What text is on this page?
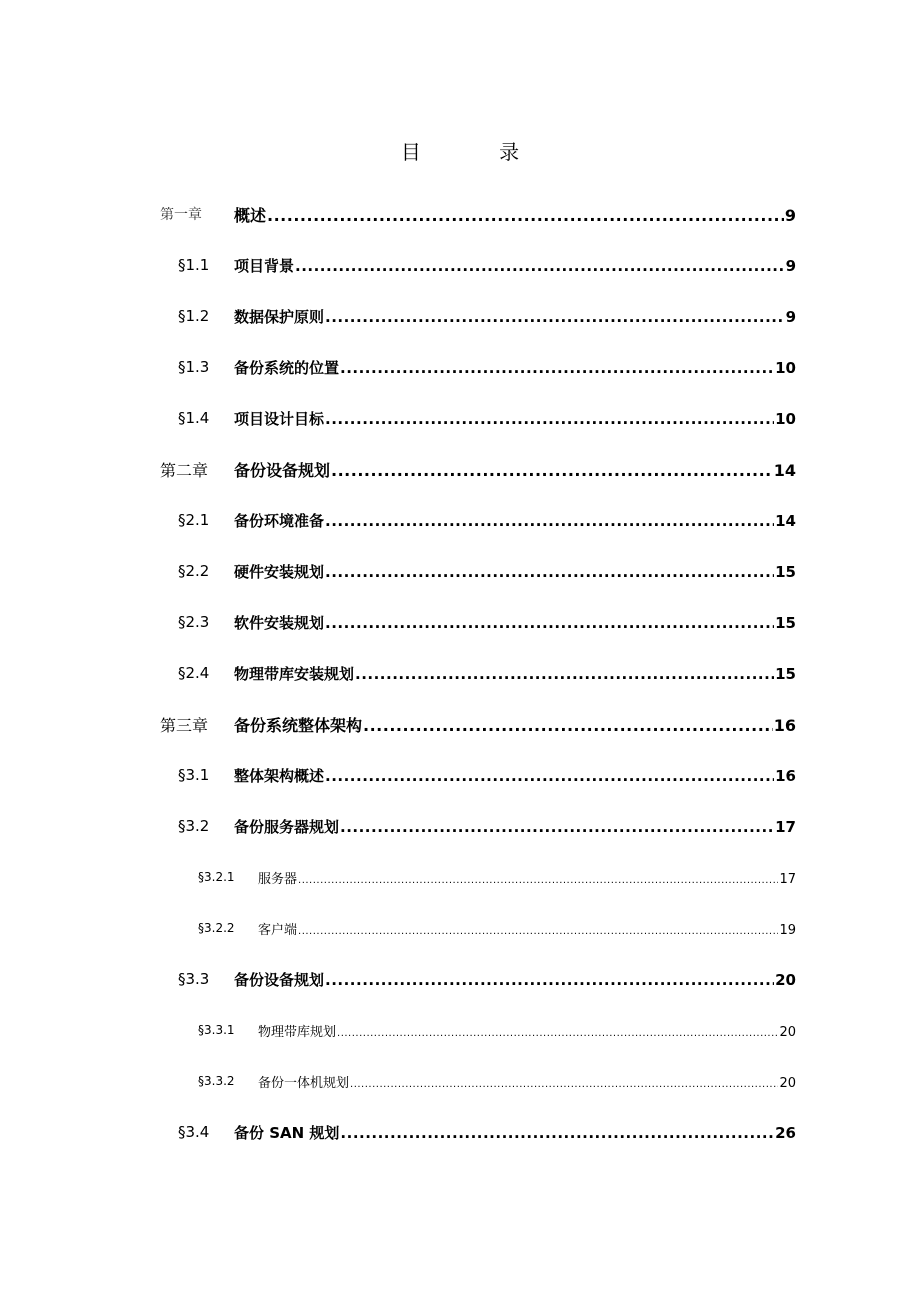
目 录
第一章 概述 .....	9
§1.1 项目背景 .....	9
§1.2 数据保护原则 .....	9
§1.3 备份系统的位置 .....	10
§1.4 项目设计目标 .....	10
第二章 备份设备规划 .....	14
§2.1 备份环境准备 .....	14
§2.2 硬件安装规划 .....	15
§2.3 软件安装规划 .....	15
§2.4 物理带库安装规划 .....	15
第三章 备份系统整体架构 .....	16
§3.1 整体架构概述 .....	16
§3.2 备份服务器规划 .....	17
§3.2.1 服务器 .....	17
§3.2.2 客户端 .....	19
§3.3 备份设备规划 .....	20
§3.3.1 物理带库规划 .....	20
§3.3.2 备份一体机规划 .....	20
§3.4 备份 SAN 规划 .....	26
